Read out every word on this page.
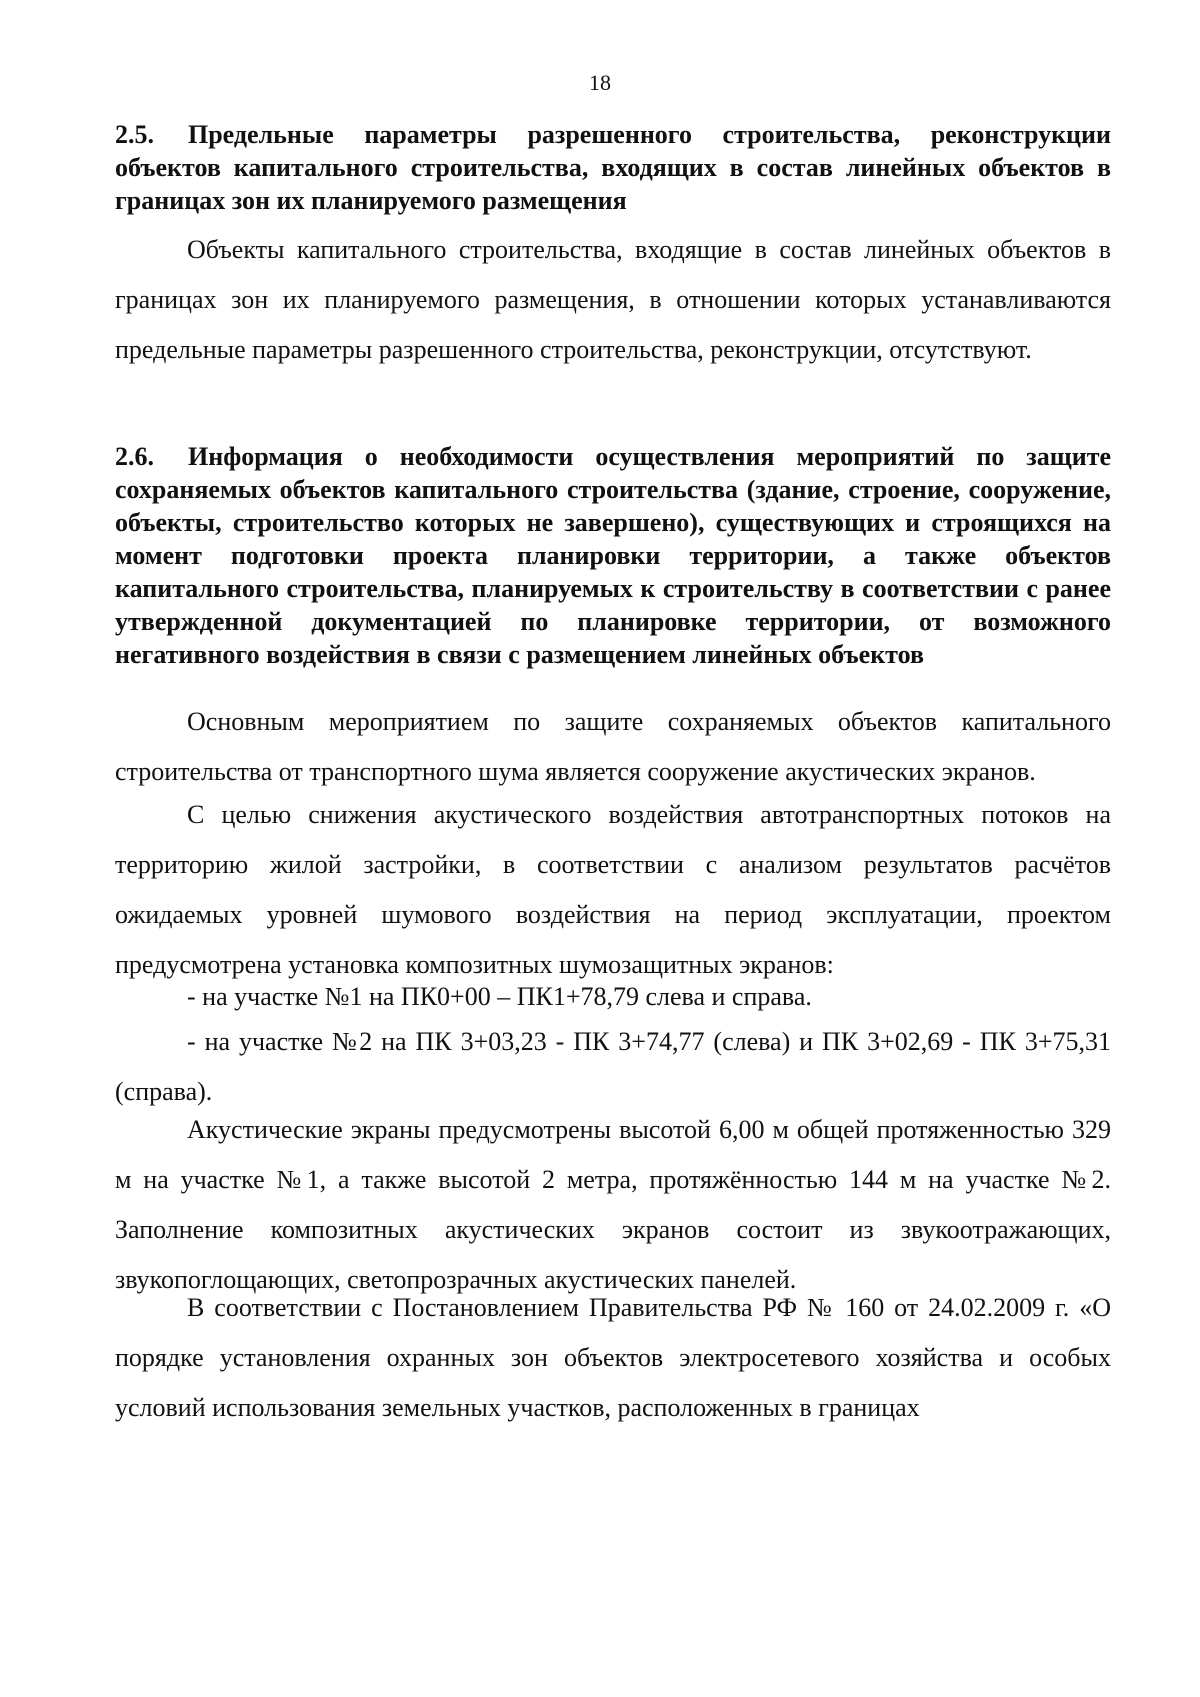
18
2.5. Предельные параметры разрешенного строительства, реконструкции объектов капитального строительства, входящих в состав линейных объектов в границах зон их планируемого размещения

Объекты капитального строительства, входящие в состав линейных объектов в границах зон их планируемого размещения, в отношении которых устанавливаются предельные параметры разрешенного строительства, реконструкции, отсутствуют.

2.6. Информация о необходимости осуществления мероприятий по защите сохраняемых объектов капитального строительства (здание, строение, сооружение, объекты, строительство которых не завершено), существующих и строящихся на момент подготовки проекта планировки территории, а также объектов капитального строительства, планируемых к строительству в соответствии с ранее утвержденной документацией по планировке территории, от возможного негативного воздействия в связи с размещением линейных объектов

Основным мероприятием по защите сохраняемых объектов капитального строительства от транспортного шума является сооружение акустических экранов.

С целью снижения акустического воздействия автотранспортных потоков на территорию жилой застройки, в соответствии с анализом результатов расчётов ожидаемых уровней шумового воздействия на период эксплуатации, проектом предусмотрена установка композитных шумозащитных экранов:

- на участке №1 на ПК0+00 – ПК1+78,79 слева и справа.

- на участке №2 на ПК 3+03,23 - ПК 3+74,77 (слева) и ПК 3+02,69 - ПК 3+75,31 (справа).

Акустические экраны предусмотрены высотой 6,00 м общей протяженностью 329 м на участке №1, а также высотой 2 метра, протяжённостью 144 м на участке №2. Заполнение композитных акустических экранов состоит из звукоотражающих, звукопоглощающих, светопрозрачных акустических панелей.

В соответствии с Постановлением Правительства РФ № 160 от 24.02.2009 г. «О порядке установления охранных зон объектов электросетевого хозяйства и особых условий использования земельных участков, расположенных в границах
